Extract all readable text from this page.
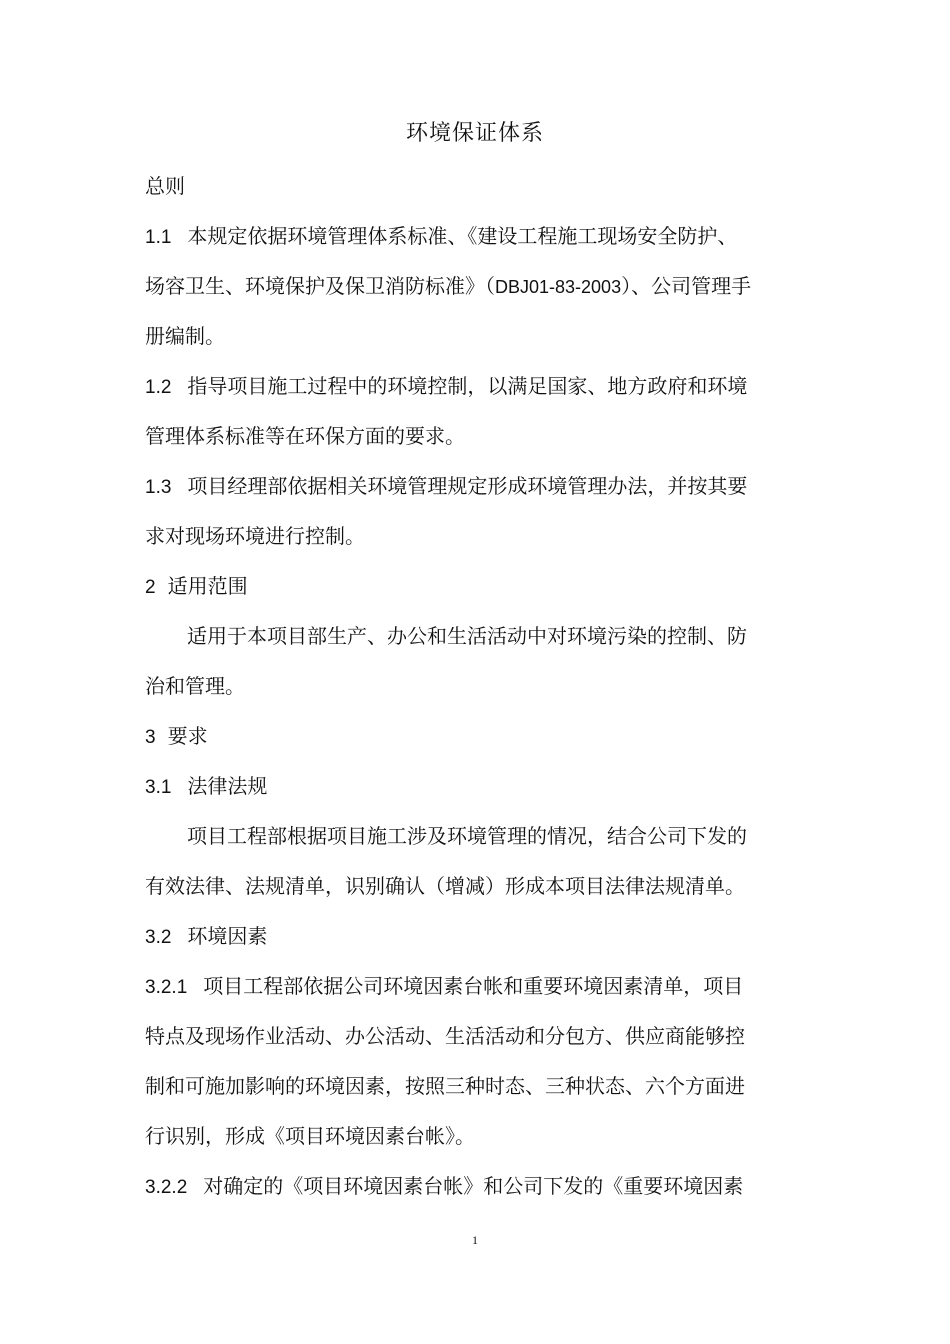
环境保证体系
总则
1.1 本规定依据环境管理体系标准、《建设工程施工现场安全防护、
场容卫生、环境保护及保卫消防标准》（DBJ01-83-2003）、公司管理手
册编制。
1.2 指导项目施工过程中的环境控制，以满足国家、地方政府和环境
管理体系标准等在环保方面的要求。
1.3 项目经理部依据相关环境管理规定形成环境管理办法，并按其要
求对现场环境进行控制。
2 适用范围
适用于本项目部生产、办公和生活活动中对环境污染的控制、防
治和管理。
3 要求
3.1 法律法规
项目工程部根据项目施工涉及环境管理的情况，结合公司下发的
有效法律、法规清单，识别确认（增减）形成本项目法律法规清单。
3.2 环境因素
3.2.1 项目工程部依据公司环境因素台帐和重要环境因素清单，项目
特点及现场作业活动、办公活动、生活活动和分包方、供应商能够控
制和可施加影响的环境因素，按照三种时态、三种状态、六个方面进
行识别，形成《项目环境因素台帐》。
3.2.2 对确定的《项目环境因素台帐》和公司下发的《重要环境因素
1
